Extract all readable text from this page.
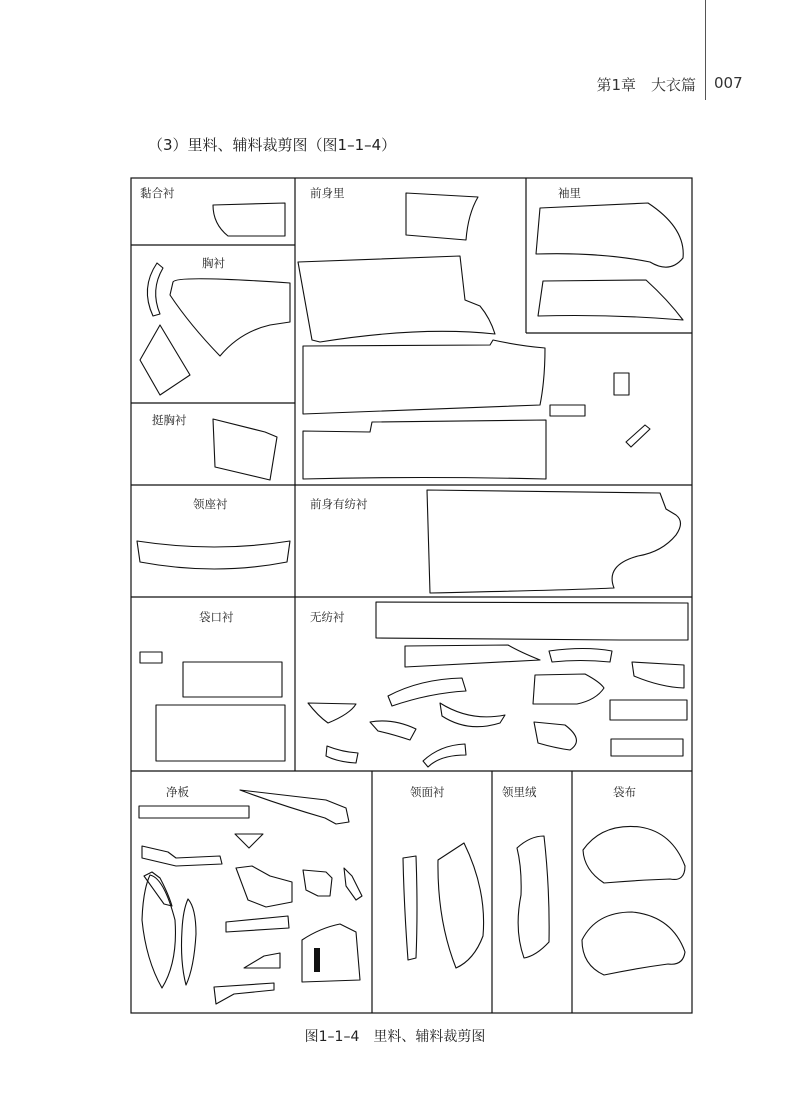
第1章　大衣篇 007
（3）里料、辅料裁剪图（图1–1–4）
黏合衬	前身里	袖里
胸衬
挺胸衬
领座衬	前身有纺衬
袋口衬	无纺衬
净板	领面衬	领里绒	袋布
图1–1–4　里料、辅料裁剪图
